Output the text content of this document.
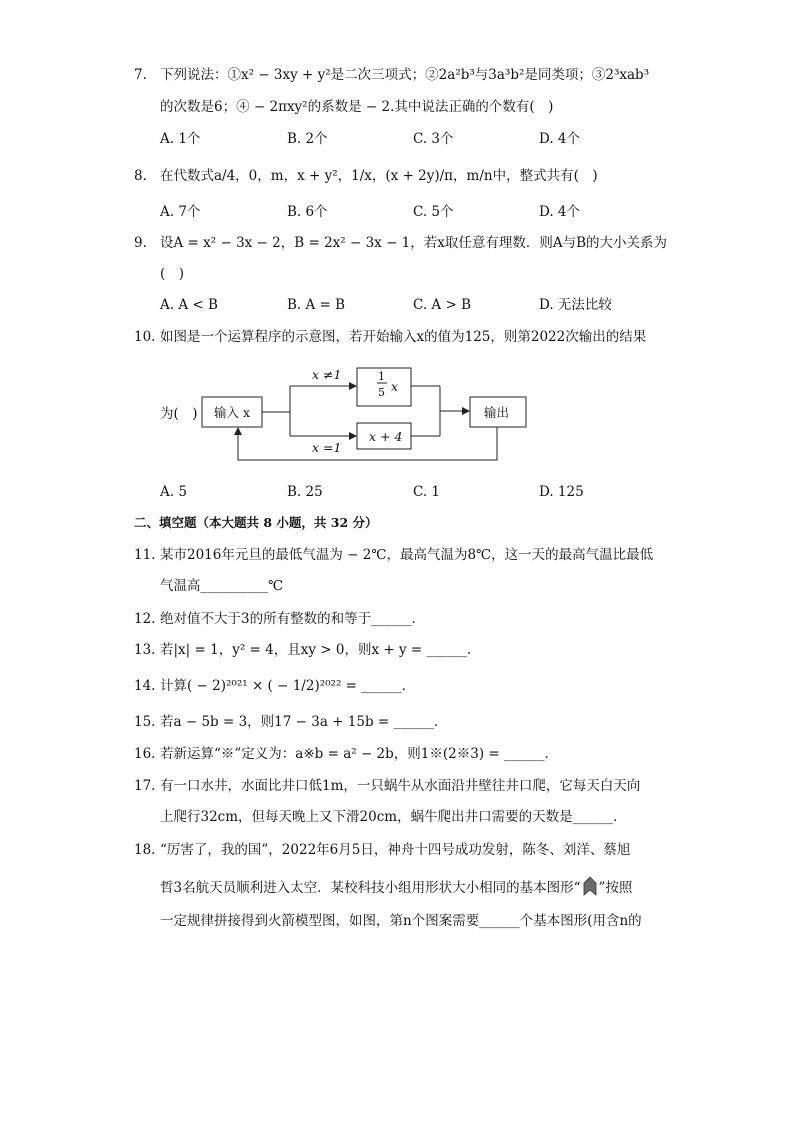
7. 下列说法：①x² − 3xy + y²是二次三项式；②2a²b³与3a³b²是同类项；③2³xab³
的次数是6；④ − 2πxy²的系数是 − 2.其中说法正确的个数有(　)
A. 1个	B. 2个	C. 3个	D. 4个
8. 在代数式a/4，0，m，x + y²，1/x，(x + 2y)/π，m/n中，整式共有(　)
A. 7个	B. 6个	C. 5个	D. 4个
9. 设A = x² − 3x − 2，B = 2x² − 3x − 1，若x取任意有理数．则A与B的大小关系为
(　)
A. A < B	B. A = B	C. A > B	D. 无法比较
10. 如图是一个运算程序的示意图，若开始输入x的值为125，则第2022次输出的结果
为(　) 输入 x
x ≠1
x =1
1
5 x
x + 4
输出
A. 5	B. 25	C. 1	D. 125
二、填空题（本大题共 8 小题，共 32 分）
11. 某市2016年元旦的最低气温为 − 2℃，最高气温为8℃，这一天的最高气温比最低
气温高__________℃
12. 绝对值不大于3的所有整数的和等于______．
13. 若|x| = 1，y² = 4，且xy > 0，则x + y = ______．
14. 计算( − 2)²⁰²¹ × ( − 1/2)²⁰²² = ______．
15. 若a − 5b = 3，则17 − 3a + 15b = ______．
16. 若新运算“※”定义为：a※b = a² − 2b，则1※(2※3) = ______．
17. 有一口水井，水面比井口低1m，一只蜗牛从水面沿井壁往井口爬，它每天白天向
上爬行32cm，但每天晚上又下滑20cm，蜗牛爬出井口需要的天数是______．
18. “厉害了，我的国”，2022年6月5日，神舟十四号成功发射，陈冬、刘洋、蔡旭
哲3名航天员顺利进入太空．某校科技小组用形状大小相同的基本图形“ ”按照
一定规律拼接得到火箭模型图，如图，第n个图案需要______个基本图形(用含n的
